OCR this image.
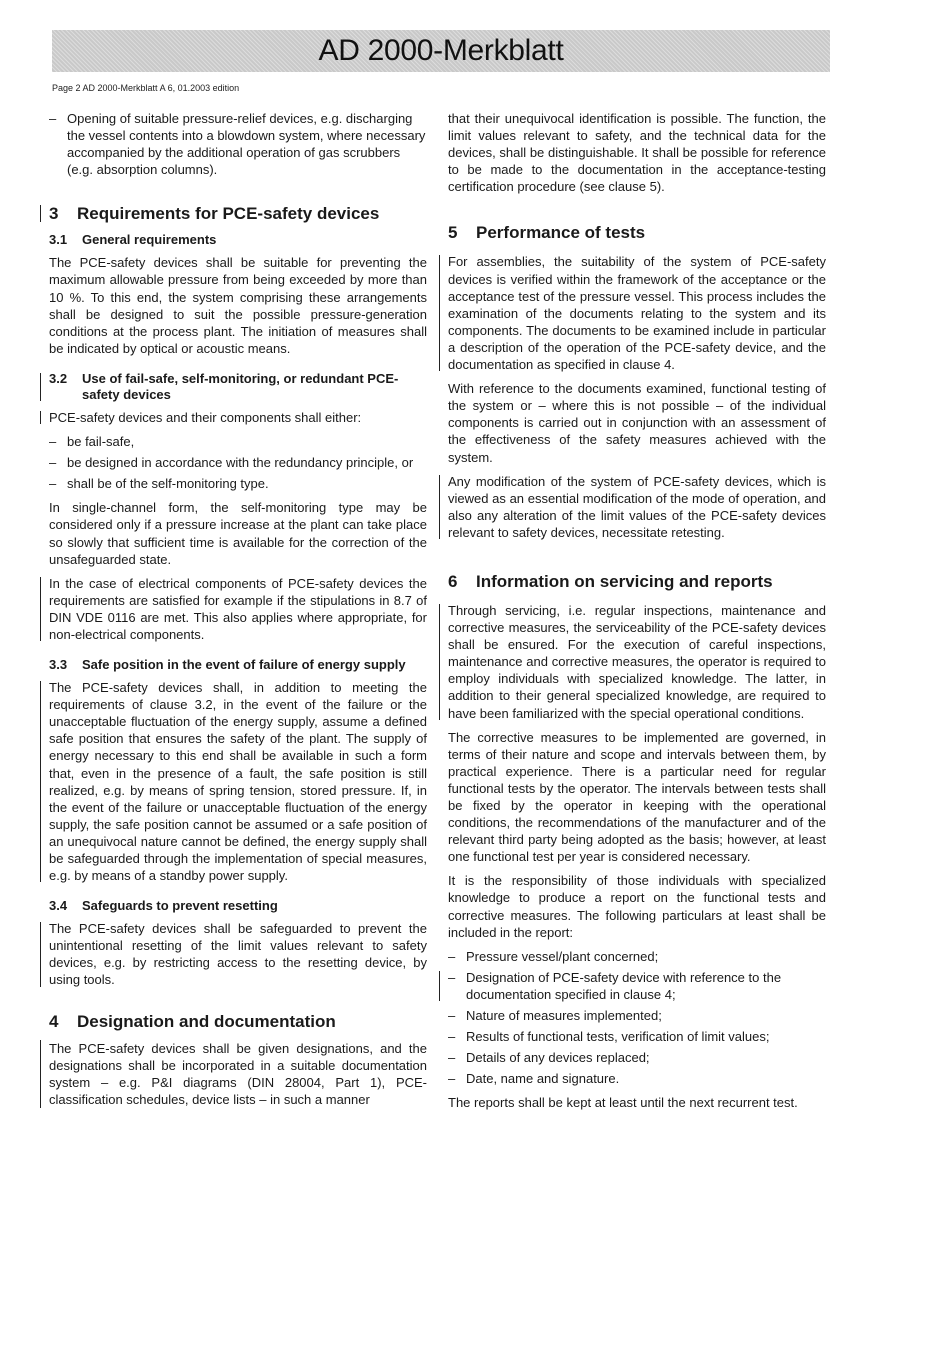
AD 2000-Merkblatt
Page 2 AD 2000-Merkblatt A 6, 01.2003 edition
– Opening of suitable pressure-relief devices, e.g. discharging the vessel contents into a blowdown system, where necessary accompanied by the additional operation of gas scrubbers (e.g. absorption columns).
3 Requirements for PCE-safety devices
3.1 General requirements

The PCE-safety devices shall be suitable for preventing the maximum allowable pressure from being exceeded by more than 10 %. To this end, the system comprising these arrangements shall be designed to suit the possible pressure-generation conditions at the process plant. The initiation of measures shall be indicated by optical or acoustic means.

3.2 Use of fail-safe, self-monitoring, or redundant PCE-safety devices

PCE-safety devices and their components shall either:

– be fail-safe,
– be designed in accordance with the redundancy principle, or
– shall be of the self-monitoring type.

In single-channel form, the self-monitoring type may be considered only if a pressure increase at the plant can take place so slowly that sufficient time is available for the correction of the unsafeguarded state.

In the case of electrical components of PCE-safety devices the requirements are satisfied for example if the stipulations in 8.7 of DIN VDE 0116 are met. This also applies where appropriate, for non-electrical components.

3.3 Safe position in the event of failure of energy supply

The PCE-safety devices shall, in addition to meeting the requirements of clause 3.2, in the event of the failure or the unacceptable fluctuation of the energy supply, assume a defined safe position that ensures the safety of the plant. The supply of energy necessary to this end shall be available in such a form that, even in the presence of a fault, the safe position is still realized, e.g. by means of spring tension, stored pressure. If, in the event of the failure or unacceptable fluctuation of the energy supply, the safe position cannot be assumed or a safe position of an unequivocal nature cannot be defined, the energy supply shall be safeguarded through the implementation of special measures, e.g. by means of a standby power supply.

3.4 Safeguards to prevent resetting

The PCE-safety devices shall be safeguarded to prevent the unintentional resetting of the limit values relevant to safety devices, e.g. by restricting access to the resetting device, by using tools.

4 Designation and documentation

The PCE-safety devices shall be given designations, and the designations shall be incorporated in a suitable documentation system – e.g. P&I diagrams (DIN 28004, Part 1), PCE-classification schedules, device lists – in such a manner

that their unequivocal identification is possible. The function, the limit values relevant to safety, and the technical data for the devices, shall be distinguishable. It shall be possible for reference to be made to the documentation in the acceptance-testing certification procedure (see clause 5).

5 Performance of tests

For assemblies, the suitability of the system of PCE-safety devices is verified within the framework of the acceptance or the acceptance test of the pressure vessel. This process includes the examination of the documents relating to the system and its components. The documents to be examined include in particular a description of the operation of the PCE-safety device, and the documentation as specified in clause 4.

With reference to the documents examined, functional testing of the system or – where this is not possible – of the individual components is carried out in conjunction with an assessment of the effectiveness of the safety measures achieved with the system.

Any modification of the system of PCE-safety devices, which is viewed as an essential modification of the mode of operation, and also any alteration of the limit values of the PCE-safety devices relevant to safety devices, necessitate retesting.

6 Information on servicing and reports

Through servicing, i.e. regular inspections, maintenance and corrective measures, the serviceability of the PCE-safety devices shall be ensured. For the execution of careful inspections, maintenance and corrective measures, the operator is required to employ individuals with specialized knowledge. The latter, in addition to their general specialized knowledge, are required to have been familiarized with the special operational conditions.

The corrective measures to be implemented are governed, in terms of their nature and scope and intervals between them, by practical experience. There is a particular need for regular functional tests by the operator. The intervals between tests shall be fixed by the operator in keeping with the operational conditions, the recommendations of the manufacturer and of the relevant third party being adopted as the basis; however, at least one functional test per year is considered necessary.

It is the responsibility of those individuals with specialized knowledge to produce a report on the functional tests and corrective measures. The following particulars at least shall be included in the report:

– Pressure vessel/plant concerned;
– Designation of PCE-safety device with reference to the documentation specified in clause 4;
– Nature of measures implemented;
– Results of functional tests, verification of limit values;
– Details of any devices replaced;
– Date, name and signature.

The reports shall be kept at least until the next recurrent test.
